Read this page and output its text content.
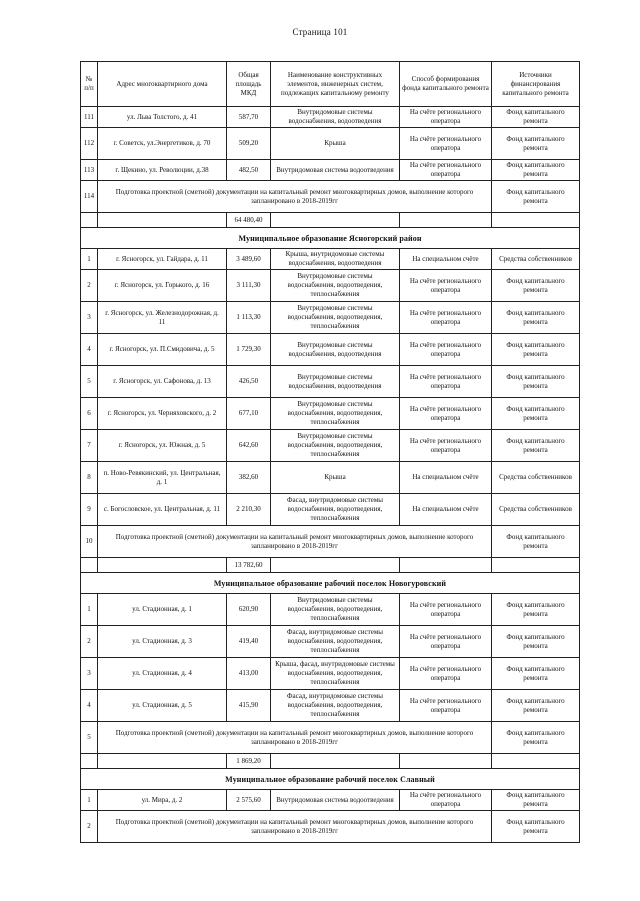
Страница 101
№ п/п	Адрес многоквартирного дома	Общая площадь МКД	Наименование конструктивных элементов, инженерных систем, подлежащих капитальному ремонту	Способ формирования фонда капитального ремонта	Источники финансирования капитального ремонта
111	ул. Льва Толстого, д. 41	587,70	Внутридомовые системы водоснабжения, водоотведения	На счёте регионального оператора	Фонд капитального ремонта
112	г. Советск, ул.Энергетиков, д. 70	509,20	Крыша	На счёте регионального оператора	Фонд капитального ремонта
113	г. Щекино, ул. Революции, д.38	482,50	Внутридомовая система водоотведения	На счёте регионального оператора	Фонд капитального ремонта
114	Подготовка проектной (сметной) документации на капитальный ремонт многоквартирных домов, выполнение которого запланировано в 2018-2019гг				Фонд капитального ремонта
		64 480,40			
Муниципальное образование Ясногорский район					
1	г. Ясногорск, ул. Гайдара, д. 11	3 489,60	Крыша, внутридомовые системы водоснабжения, водоотведения	На специальном счёте	Средства собственников
2	г. Ясногорск, ул. Горького, д. 16	3 111,30	Внутридомовые системы водоснабжения, водоотведения, теплоснабжения	На счёте регионального оператора	Фонд капитального ремонта
3	г. Ясногорск, ул. Железнодорожная, д. 11	1 113,30	Внутридомовые системы водоснабжения, водоотведения, теплоснабжения	На счёте регионального оператора	Фонд капитального ремонта
4	г. Ясногорск, ул. П.Смидовича, д. 5	1 729,30	Внутридомовые системы водоснабжения, водоотведения	На счёте регионального оператора	Фонд капитального ремонта
5	г. Ясногорск, ул. Сафонова, д. 13	426,50	Внутридомовые системы водоснабжения, водоотведения	На счёте регионального оператора	Фонд капитального ремонта
6	г. Ясногорск, ул. Черняховского, д. 2	677,10	Внутридомовые системы водоснабжения, водоотведения, теплоснабжения	На счёте регионального оператора	Фонд капитального ремонта
7	г. Ясногорск, ул. Южная, д. 5	642,60	Внутридомовые системы водоснабжения, водоотведения, теплоснабжения	На счёте регионального оператора	Фонд капитального ремонта
8	п. Ново-Ревякинский, ул. Центральная, д. 1	382,60	Крыша	На специальном счёте	Средства собственников
9	с. Богословское, ул. Центральная, д. 11	2 210,30	Фасад, внутридомовые системы водоснабжения, водоотведения, теплоснабжения	На специальном счёте	Средства собственников
10	Подготовка проектной (сметной) документации на капитальный ремонт многоквартирных домов, выполнение которого запланировано в 2018-2019гг				Фонд капитального ремонта
		13 782,60			
Муниципальное образование рабочий поселок Новогуровский					
1	ул. Стадионная, д. 1	620,90	Внутридомовые системы водоснабжения, водоотведения, теплоснабжения	На счёте регионального оператора	Фонд капитального ремонта
2	ул. Стадионная, д. 3	419,40	Фасад, внутридомовые системы водоснабжения, водоотведения, теплоснабжения	На счёте регионального оператора	Фонд капитального ремонта
3	ул. Стадионная, д. 4	413,00	Крыша, фасад, внутридомовые системы водоснабжения, водоотведения, теплоснабжения	На счёте регионального оператора	Фонд капитального ремонта
4	ул. Стадионная, д. 5	415,90	Фасад, внутридомовые системы водоснабжения, водоотведения, теплоснабжения	На счёте регионального оператора	Фонд капитального ремонта
5	Подготовка проектной (сметной) документации на капитальный ремонт многоквартирных домов, выполнение которого запланировано в 2018-2019гг				Фонд капитального ремонта
		1 869,20			
Муниципальное образование рабочий поселок Славный					
1	ул. Мира, д. 2	2 575,60	Внутридомовая система водоотведения	На счёте регионального оператора	Фонд капитального ремонта
2	Подготовка проектной (сметной) документации на капитальный ремонт многоквартирных домов, выполнение которого запланировано в 2018-2019гг				Фонд капитального ремонта
